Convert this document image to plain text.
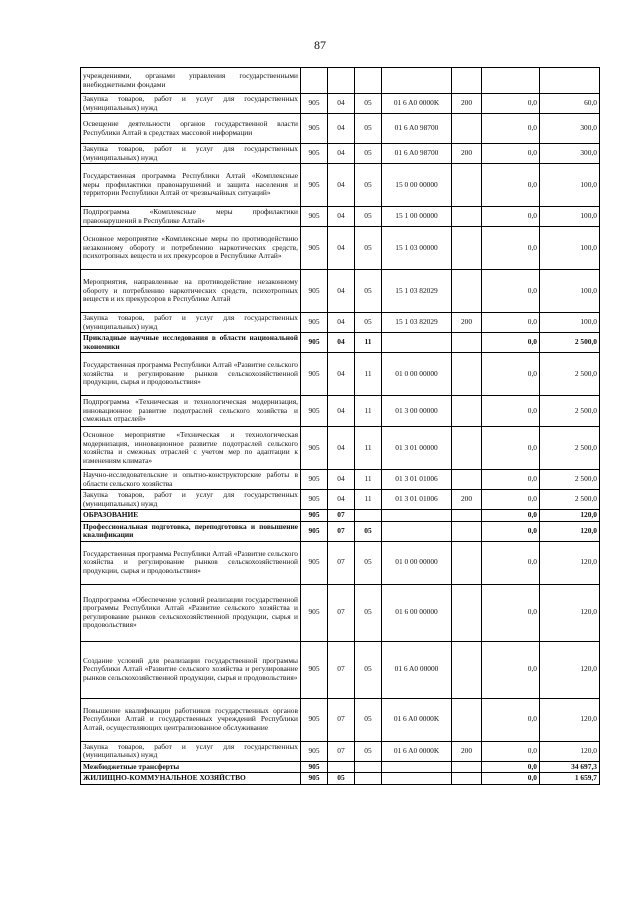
87
учреждениями, органами управления государственными внебюджетными фондами							
Закупка товаров, работ и услуг для государственных (муниципальных) нужд	905	04	05	01 6 A0 0000K	200	0,0	60,0
Освещение деятельности органов государственной власти Республики Алтай в средствах массовой информации	905	04	05	01 6 A0 98700		0,0	300,0
Закупка товаров, работ и услуг для государственных (муниципальных) нужд	905	04	05	01 6 A0 98700	200	0,0	300,0
Государственная программа Республики Алтай «Комплексные меры профилактики правонарушений и защита населения и территории Республики Алтай от чрезвычайных ситуаций»	905	04	05	15 0 00 00000		0,0	100,0
Подпрограмма «Комплексные меры профилактики правонарушений в Республике Алтай»	905	04	05	15 1 00 00000		0,0	100,0
Основное мероприятие «Комплексные меры по противодействию незаконному обороту и потреблению наркотических средств, психотропных веществ и их прекурсоров в Республике Алтай»	905	04	05	15 1 03 00000		0,0	100,0
Мероприятия, направленные на противодействие незаконному обороту и потреблению наркотических средств, психотропных веществ и их прекурсоров в Республике Алтай	905	04	05	15 1 03 82029		0,0	100,0
Закупка товаров, работ и услуг для государственных (муниципальных) нужд	905	04	05	15 1 03 82029	200	0,0	100,0
Прикладные научные исследования в области национальной экономики	905	04	11			0,0	2 500,0
Государственная программа Республики Алтай «Развитие сельского хозяйства и регулирование рынков сельскохозяйственной продукции, сырья и продовольствия»	905	04	11	01 0 00 00000		0,0	2 500,0
Подпрограмма «Техническая и технологическая модернизация, инновационное развитие подотраслей сельского хозяйства и смежных отраслей»	905	04	11	01 3 00 00000		0,0	2 500,0
Основное мероприятие «Техническая и технологическая модернизация, инновационное развитие подотраслей сельского хозяйства и смежных отраслей с учетом мер по адаптации к изменениям климата»	905	04	11	01 3 01 00000		0,0	2 500,0
Научно-исследовательские и опытно-конструкторские работы в области сельского хозяйства	905	04	11	01 3 01 01006		0,0	2 500,0
Закупка товаров, работ и услуг для государственных (муниципальных) нужд	905	04	11	01 3 01 01006	200	0,0	2 500,0
ОБРАЗОВАНИЕ	905	07				0,0	120,0
Профессиональная подготовка, переподготовка и повышение квалификации	905	07	05			0,0	120,0
Государственная программа Республики Алтай «Развитие сельского хозяйства и регулирование рынков сельскохозяйственной продукции, сырья и продовольствия»	905	07	05	01 0 00 00000		0,0	120,0
Подпрограмма «Обеспечение условий реализации государственной программы Республики Алтай «Развитие сельского хозяйства и регулирование рынков сельскохозяйственной продукции, сырья и продовольствия»	905	07	05	01 6 00 00000		0,0	120,0
Создание условий для реализации государственной программы Республики Алтай «Развитие сельского хозяйства и регулирование рынков сельскохозяйственной продукции, сырья и продовольствия»	905	07	05	01 6 A0 00000		0,0	120,0
Повышение квалификации работников государственных органов Республики Алтай и государственных учреждений Республики Алтай, осуществляющих централизованное обслуживание	905	07	05	01 6 A0 0000K		0,0	120,0
Закупка товаров, работ и услуг для государственных (муниципальных) нужд	905	07	05	01 6 A0 0000K	200	0,0	120,0
Межбюджетные трансферты	905					0,0	34 697,3
ЖИЛИЩНО-КОММУНАЛЬНОЕ ХОЗЯЙСТВО	905	05				0,0	1 659,7
